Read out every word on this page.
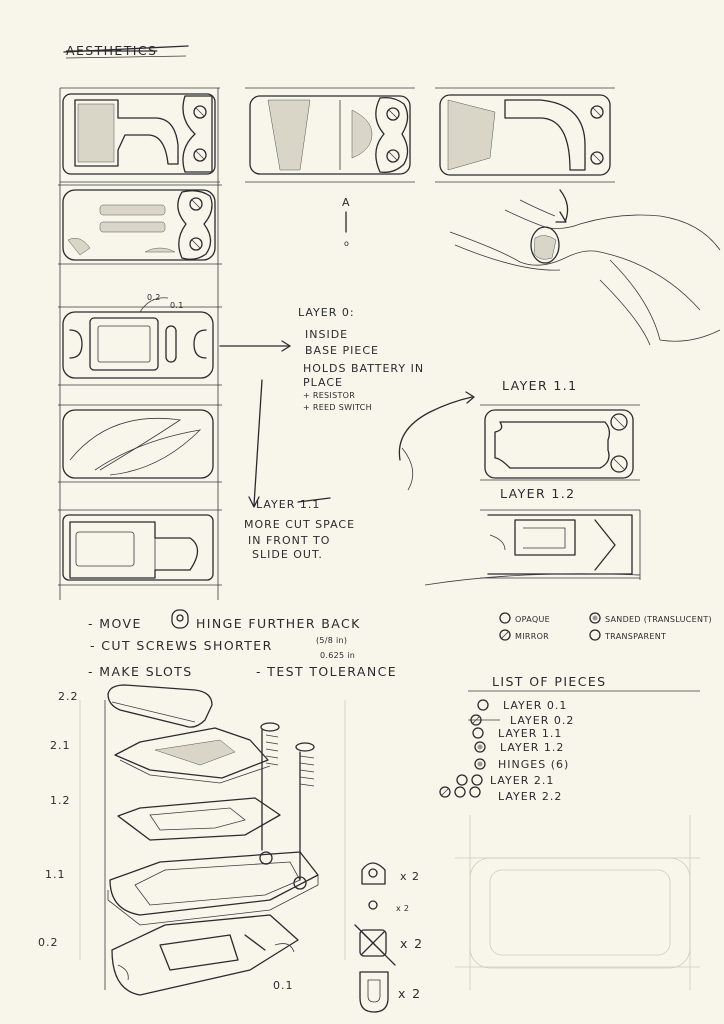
AESTHETICS
A
o
0.2
0.1
LAYER 0:
INSIDE
BASE PIECE
HOLDS BATTERY IN
PLACE
+ RESISTOR
+ REED SWITCH
LAYER 1.1
LAYER 1.2
LAYER 1.1
MORE CUT SPACE
IN FRONT TO
SLIDE OUT.
- MOVE	HINGE FURTHER BACK
- CUT SCREWS SHORTER	(5/8 in)
0.625 in
- MAKE SLOTS	- TEST TOLERANCE
OPAQUE	SANDED (TRANSLUCENT)
MIRROR	TRANSPARENT
LIST OF PIECES
LAYER 0.1
LAYER 0.2
LAYER 1.1
LAYER 1.2
HINGES (6)
LAYER 2.1
LAYER 2.2
2.2
2.1
1.2
1.1
0.2
0.1
x 2
x 2
x 2
x 2
